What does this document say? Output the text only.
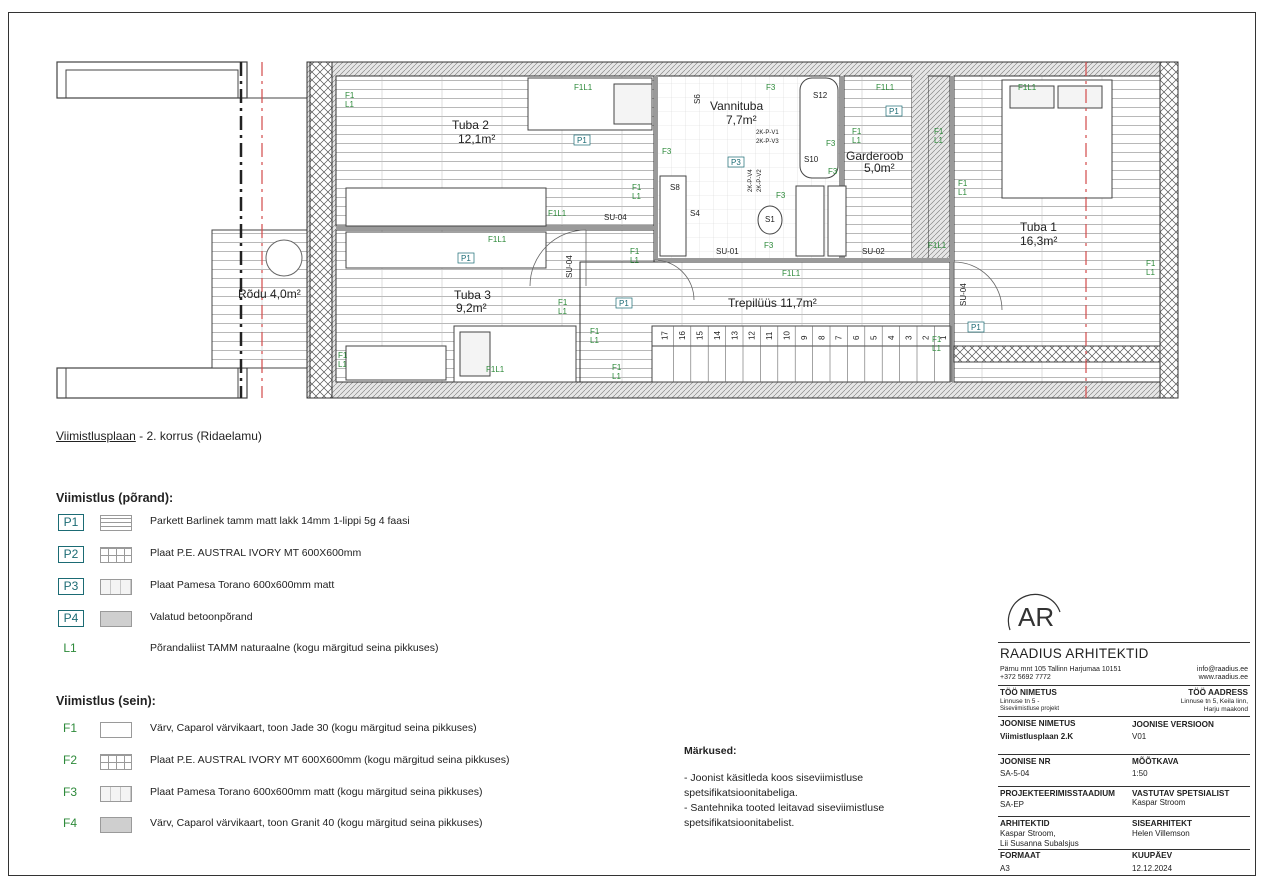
Tuba 2
12,1m²
Vannituba
7,7m²
Garderoob
5,0m²
Tuba 1
16,3m²
Tuba 3
9,2m²	Trepilüüs 11,7m²
Rõdu 4,0m²
SU-04
SU-04
SU-01	SU-02
SU-04
S6
S8
S4
S12
S10
S1
2K-P-V1
2K-P-V3
2K-P-V4 2K-P-V2
17 16 15 14 13 12 11 10 9 8 7 6 5 4 3 2 1
P1
P1
P1
P1
P1
P3
F1L1	F1L1
F1L1
F1L1
F1L1
F1L1
F1L1
F1L1
F1
L1
F1
L1
F1
L1
F1
L1
F1
L1
F1
L1
F1
L1
F1
L1
F1
L1
F1
L1
F1
L1
F1
L1
F3
F3
F3
F3
F3
F3
Viimistlusplaan - 2. korrus (Ridaelamu)
Viimistlus (põrand):
P1	Parkett Barlinek tamm matt lakk 14mm 1-lippi 5g 4 faasi
P2	Plaat P.E. AUSTRAL IVORY MT 600X600mm
P3	Plaat Pamesa Torano 600x600mm matt
P4	Valatud betoonpõrand
L1	Põrandaliist TAMM naturaalne (kogu märgitud seina pikkuses)
Viimistlus (sein):
F1	Värv, Caparol värvikaart, toon Jade 30 (kogu märgitud seina pikkuses)
F2	Plaat P.E. AUSTRAL IVORY MT 600X600mm (kogu märgitud seina pikkuses)
F3	Plaat Pamesa Torano 600x600mm matt (kogu märgitud seina pikkuses)
F4	Värv, Caparol värvikaart, toon Granit 40 (kogu märgitud seina pikkuses)
Märkused:
- Joonist käsitleda koos siseviimistluse
spetsifikatsioonitabeliga.
- Santehnika tooted leitavad siseviimistluse
spetsifikatsioonitabelist.
AR
RAADIUS ARHITEKTID
Pärnu mnt 105 Tallinn Harjumaa 10151
+372 5692 7772
info@raadius.ee
www.raadius.ee
TÖÖ NIMETUS
Linnuse tn 5 -
Siseviimistluse projekt
TÖÖ AADRESS
Linnuse tn 5, Keila linn,
Harju maakond
JOONISE NIMETUS
Viimistlusplaan 2.K
JOONISE VERSIOON
V01
JOONISE NR
SA-5-04
MÕÕTKAVA
1:50
PROJEKTEERIMISSTAADIUM
SA-EP
VASTUTAV SPETSIALIST
Kaspar Stroom
ARHITEKTID
Kaspar Stroom,
Lii Susanna Subalsjus
SISEARHITEKT
Helen Villemson
FORMAAT
A3
KUUPÄEV
12.12.2024
